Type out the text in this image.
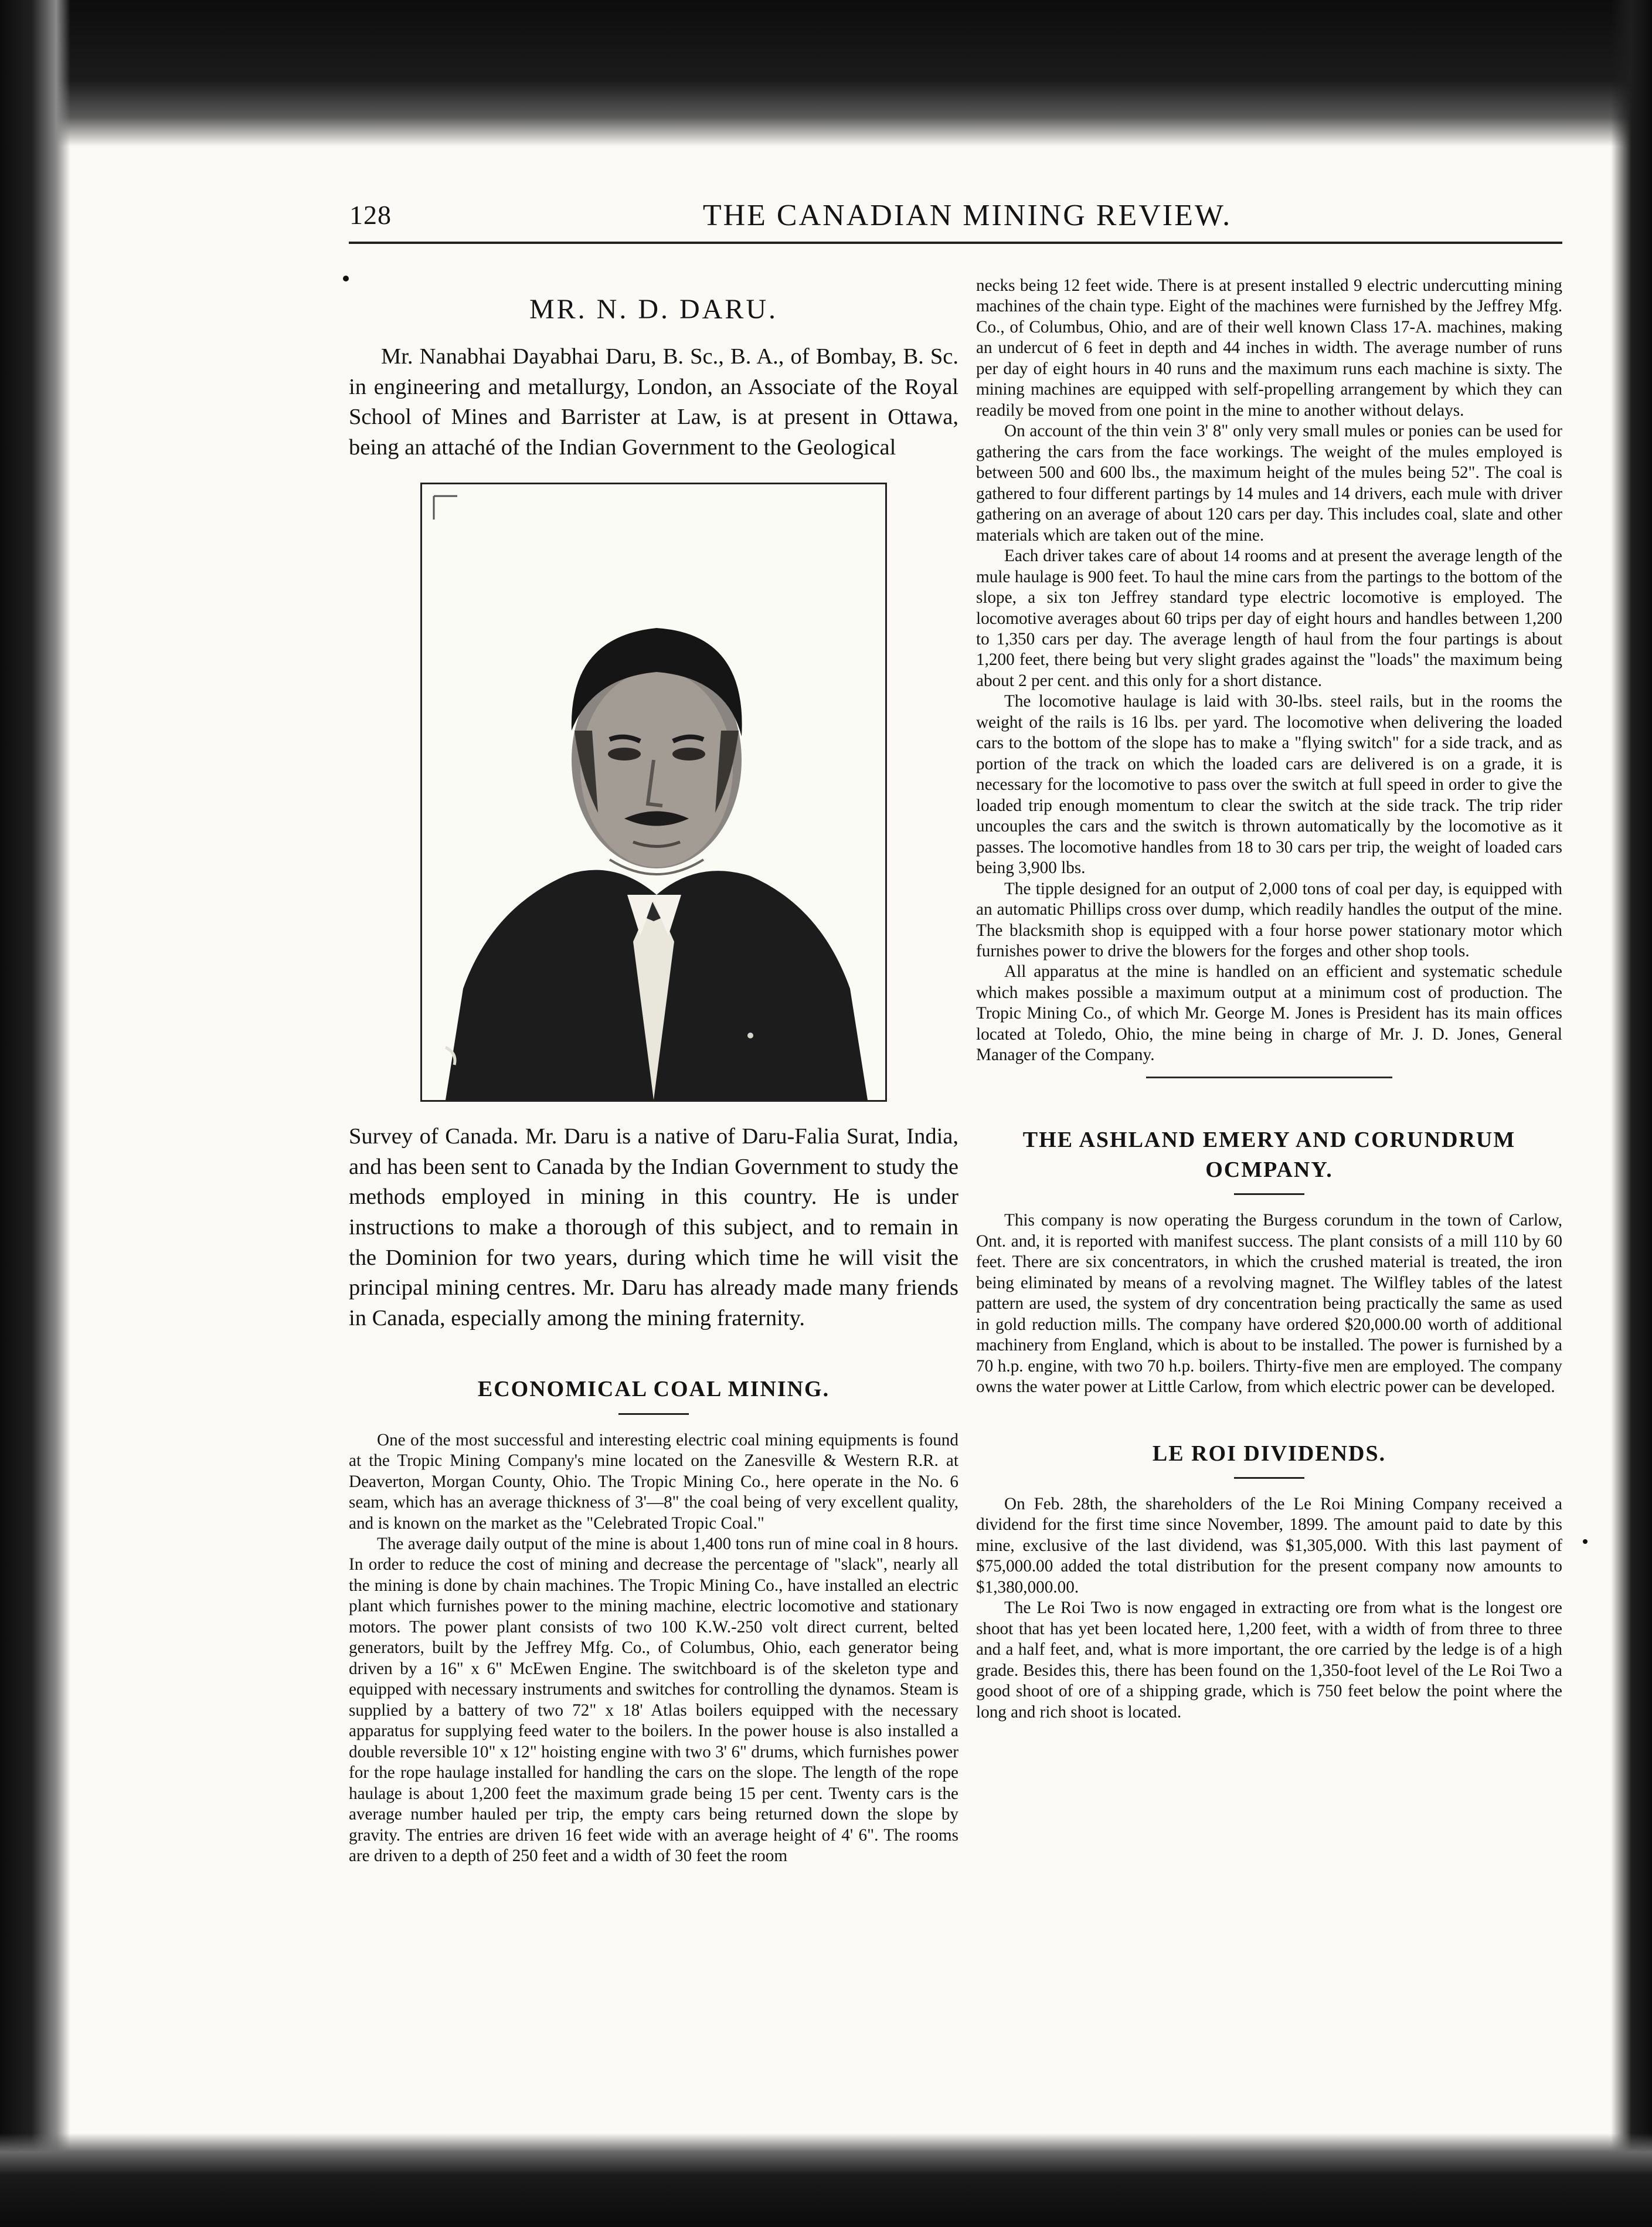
128	THE CANADIAN MINING REVIEW.
MR. N. D. DARU.

Mr. Nanabhai Dayabhai Daru, B. Sc., B. A., of Bombay, B. Sc. in engineering and metallurgy, London, an Associate of the Royal School of Mines and Barrister at Law, is at present in Ottawa, being an attaché of the Indian Government to the Geological

Survey of Canada. Mr. Daru is a native of Daru-Falia Surat, India, and has been sent to Canada by the Indian Government to study the methods employed in mining in this country. He is under instructions to make a thorough of this subject, and to remain in the Dominion for two years, during which time he will visit the principal mining centres. Mr. Daru has already made many friends in Canada, especially among the mining fraternity.

ECONOMICAL COAL MINING.

One of the most successful and interesting electric coal mining equipments is found at the Tropic Mining Company's mine located on the Zanesville & Western R.R. at Deaverton, Morgan County, Ohio. The Tropic Mining Co., here operate in the No. 6 seam, which has an average thickness of 3'—8" the coal being of very excellent quality, and is known on the market as the "Celebrated Tropic Coal."

The average daily output of the mine is about 1,400 tons run of mine coal in 8 hours. In order to reduce the cost of mining and decrease the percentage of "slack", nearly all the mining is done by chain machines. The Tropic Mining Co., have installed an electric plant which furnishes power to the mining machine, electric locomotive and stationary motors. The power plant consists of two 100 K.W.-250 volt direct current, belted generators, built by the Jeffrey Mfg. Co., of Columbus, Ohio, each generator being driven by a 16" x 6" McEwen Engine. The switchboard is of the skeleton type and equipped with necessary instruments and switches for controlling the dynamos. Steam is supplied by a battery of two 72" x 18' Atlas boilers equipped with the necessary apparatus for supplying feed water to the boilers. In the power house is also installed a double reversible 10" x 12" hoisting engine with two 3' 6" drums, which furnishes power for the rope haulage installed for handling the cars on the slope. The length of the rope haulage is about 1,200 feet the maximum grade being 15 per cent. Twenty cars is the average number hauled per trip, the empty cars being returned down the slope by gravity. The entries are driven 16 feet wide with an average height of 4' 6". The rooms are driven to a depth of 250 feet and a width of 30 feet the room

necks being 12 feet wide. There is at present installed 9 electric undercutting mining machines of the chain type. Eight of the machines were furnished by the Jeffrey Mfg. Co., of Columbus, Ohio, and are of their well known Class 17-A. machines, making an undercut of 6 feet in depth and 44 inches in width. The average number of runs per day of eight hours in 40 runs and the maximum runs each machine is sixty. The mining machines are equipped with self-propelling arrangement by which they can readily be moved from one point in the mine to another without delays.

On account of the thin vein 3' 8" only very small mules or ponies can be used for gathering the cars from the face workings. The weight of the mules employed is between 500 and 600 lbs., the maximum height of the mules being 52". The coal is gathered to four different partings by 14 mules and 14 drivers, each mule with driver gathering on an average of about 120 cars per day. This includes coal, slate and other materials which are taken out of the mine.

Each driver takes care of about 14 rooms and at present the average length of the mule haulage is 900 feet. To haul the mine cars from the partings to the bottom of the slope, a six ton Jeffrey standard type electric locomotive is employed. The locomotive averages about 60 trips per day of eight hours and handles between 1,200 to 1,350 cars per day. The average length of haul from the four partings is about 1,200 feet, there being but very slight grades against the "loads" the maximum being about 2 per cent. and this only for a short distance.

The locomotive haulage is laid with 30-lbs. steel rails, but in the rooms the weight of the rails is 16 lbs. per yard. The locomotive when delivering the loaded cars to the bottom of the slope has to make a "flying switch" for a side track, and as portion of the track on which the loaded cars are delivered is on a grade, it is necessary for the locomotive to pass over the switch at full speed in order to give the loaded trip enough momentum to clear the switch at the side track. The trip rider uncouples the cars and the switch is thrown automatically by the locomotive as it passes. The locomotive handles from 18 to 30 cars per trip, the weight of loaded cars being 3,900 lbs.

The tipple designed for an output of 2,000 tons of coal per day, is equipped with an automatic Phillips cross over dump, which readily handles the output of the mine. The blacksmith shop is equipped with a four horse power stationary motor which furnishes power to drive the blowers for the forges and other shop tools.

All apparatus at the mine is handled on an efficient and systematic schedule which makes possible a maximum output at a minimum cost of production. The Tropic Mining Co., of which Mr. George M. Jones is President has its main offices located at Toledo, Ohio, the mine being in charge of Mr. J. D. Jones, General Manager of the Company.

THE ASHLAND EMERY AND CORUNDRUM
OCMPANY.

This company is now operating the Burgess corundum in the town of Carlow, Ont. and, it is reported with manifest success. The plant consists of a mill 110 by 60 feet. There are six concentrators, in which the crushed material is treated, the iron being eliminated by means of a revolving magnet. The Wilfley tables of the latest pattern are used, the system of dry concentration being practically the same as used in gold reduction mills. The company have ordered $20,000.00 worth of additional machinery from England, which is about to be installed. The power is furnished by a 70 h.p. engine, with two 70 h.p. boilers. Thirty-five men are employed. The company owns the water power at Little Carlow, from which electric power can be developed.

LE ROI DIVIDENDS.

On Feb. 28th, the shareholders of the Le Roi Mining Company received a dividend for the first time since November, 1899. The amount paid to date by this mine, exclusive of the last dividend, was $1,305,000. With this last payment of $75,000.00 added the total distribution for the present company now amounts to $1,380,000.00.

The Le Roi Two is now engaged in extracting ore from what is the longest ore shoot that has yet been located here, 1,200 feet, with a width of from three to three and a half feet, and, what is more important, the ore carried by the ledge is of a high grade. Besides this, there has been found on the 1,350-foot level of the Le Roi Two a good shoot of ore of a shipping grade, which is 750 feet below the point where the long and rich shoot is located.
